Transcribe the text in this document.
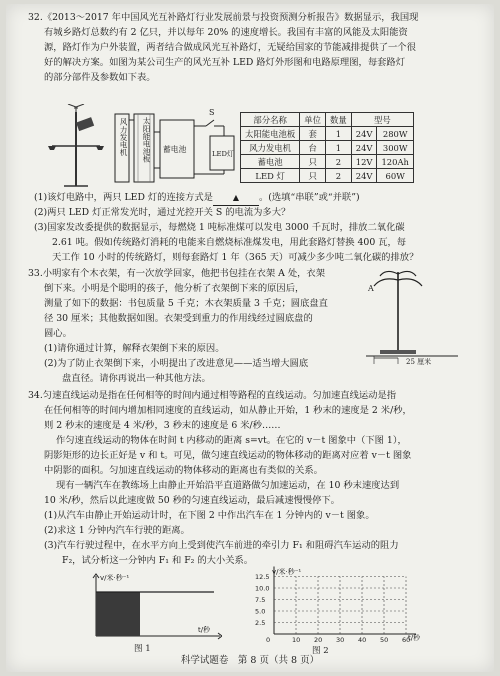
32.《2013～2017 年中国风光互补路灯行业发展前景与投资预测分析报告》数据显示，我国现
有城乡路灯总数约有 2 亿只，并以每年 20% 的速度增长。我国有丰富的风能及太阳能资
源，路灯作为户外装置，两者结合做成风光互补路灯，无疑给国家的节能减排提供了一个很
好的解决方案。如图为某公司生产的风光互补 LED 路灯外形图和电路原理图，每套路灯
的部分部件及参数如下表。
风力发电机	太阳能电池板 蓄电池
S
LED灯
部分名称	单位	数量	型号	
太阳能电池板	套	1	24V	280W
风力发电机	台	1	24V	300W
蓄电池	只	2	12V	120Ah
LED 灯	只	2	24V	60W
(1)该灯电路中，两只 LED 灯的连接方式是 ▲ 。(选填“串联”或“并联”)
(2)两只 LED 灯正常发光时，通过光控开关 S 的电流为多大？
(3)国家发改委提供的数据显示，每燃烧 1 吨标准煤可以发电 3000 千瓦时，排放二氧化碳
2.61 吨。假如传统路灯消耗的电能来自燃烧标准煤发电，用此套路灯替换 400 瓦，每
天工作 10 小时的传统路灯，则每套路灯 1 年（365 天）可减少多少吨二氧化碳的排放？
33.小明家有个木衣架，有一次放学回家，他把书包挂在衣架 A 处，衣架
倒下来。小明是个聪明的孩子，他分析了衣架倒下来的原因后，
测量了如下的数据：书包质量 5 千克；木衣架质量 3 千克；圆底盘直
径 30 厘米；其他数据如图。衣架受到重力的作用线经过圆底盘的
圆心。
(1)请你通过计算，解释衣架倒下来的原因。
(2)为了防止衣架倒下来，小明提出了改进意见——适当增大圆底
盘直径。请你再说出一种其他方法。
A
25 厘米
34.匀速直线运动是指在任何相等的时间内通过相等路程的直线运动。匀加速直线运动是指
在任何相等的时间内增加相同速度的直线运动，如从静止开始，1 秒末的速度是 2 米/秒，
则 2 秒末的速度是 4 米/秒，3 秒末的速度是 6 米/秒……
作匀速直线运动的物体在时间 t 内移动的距离 s=vt。在它的 v－t 图象中（下图 1），
阴影矩形的边长正好是 v 和 t。可见，做匀速直线运动的物体移动的距离对应着 v－t 图象
中阴影的面积。匀加速直线运动的物体移动的距离也有类似的关系。
现有一辆汽车在教练场上由静止开始沿平直道路做匀加速运动，在 10 秒末速度达到
10 米/秒，然后以此速度做 50 秒的匀速直线运动，最后减速慢慢停下。
(1)从汽车由静止开始运动计时，在下图 2 中作出汽车在 1 分钟内的 v－t 图象。
(2)求这 1 分钟内汽车行驶的距离。
(3)汽车行驶过程中，在水平方向上受到使汽车前进的牵引力 F₁ 和阻碍汽车运动的阻力
F₂，试分析这一分钟内 F₁ 和 F₂ 的大小关系。
v/米·秒⁻¹
t/秒
图 1
v/米·秒⁻¹
t/秒
0	10 20 30 40 50 60
12.5
10.0
7.5
5.0
2.5
图 2
科学试题卷　第 8 页（共 8 页）
